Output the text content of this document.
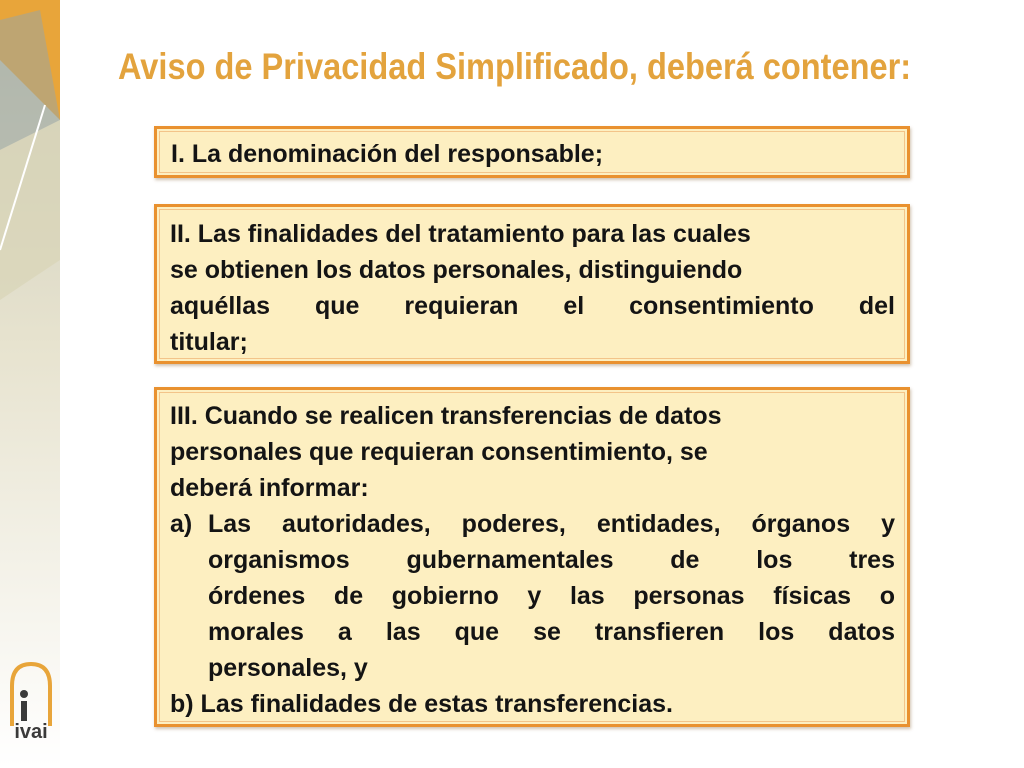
Aviso de Privacidad Simplificado, deberá contener:

I. La denominación del responsable;

II. Las finalidades del tratamiento para las cuales
se obtienen los datos personales, distinguiendo
aquéllas que requieran el consentimiento del
titular;
III. Cuando se realicen transferencias de datos
personales que requieran consentimiento, se
deberá informar:
a) Las autoridades, poderes, entidades, órganos y
organismos gubernamentales de los tres
órdenes de gobierno y las personas físicas o
morales a las que se transfieren los datos
personales, y
b) Las finalidades de estas transferencias.
ivai
